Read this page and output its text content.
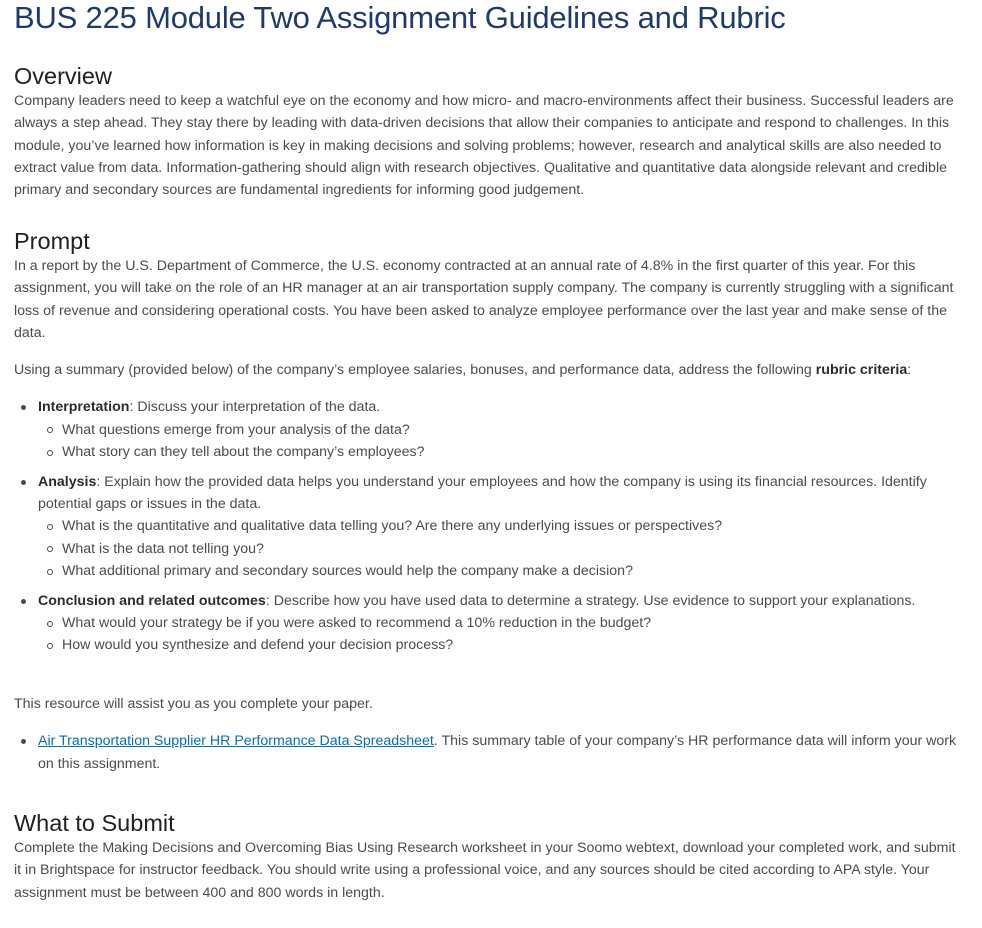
BUS 225 Module Two Assignment Guidelines and Rubric
Overview

Company leaders need to keep a watchful eye on the economy and how micro- and macro-environments affect their business. Successful leaders are always a step ahead. They stay there by leading with data-driven decisions that allow their companies to anticipate and respond to challenges. In this module, you’ve learned how information is key in making decisions and solving problems; however, research and analytical skills are also needed to extract value from data. Information-gathering should align with research objectives. Qualitative and quantitative data alongside relevant and credible primary and secondary sources are fundamental ingredients for informing good judgement.

Prompt

In a report by the U.S. Department of Commerce, the U.S. economy contracted at an annual rate of 4.8% in the first quarter of this year. For this assignment, you will take on the role of an HR manager at an air transportation supply company. The company is currently struggling with a significant loss of revenue and considering operational costs. You have been asked to analyze employee performance over the last year and make sense of the data.

Using a summary (provided below) of the company’s employee salaries, bonuses, and performance data, address the following rubric criteria:

Interpretation: Discuss your interpretation of the data.
What questions emerge from your analysis of the data?
What story can they tell about the company’s employees?
Analysis: Explain how the provided data helps you understand your employees and how the company is using its financial resources. Identify potential gaps or issues in the data.
What is the quantitative and qualitative data telling you? Are there any underlying issues or perspectives?
What is the data not telling you?
What additional primary and secondary sources would help the company make a decision?
Conclusion and related outcomes: Describe how you have used data to determine a strategy. Use evidence to support your explanations.
What would your strategy be if you were asked to recommend a 10% reduction in the budget?
How would you synthesize and defend your decision process?

This resource will assist you as you complete your paper.

Air Transportation Supplier HR Performance Data Spreadsheet. This summary table of your company’s HR performance data will inform your work on this assignment.
What to Submit

Complete the Making Decisions and Overcoming Bias Using Research worksheet in your Soomo webtext, download your completed work, and submit it in Brightspace for instructor feedback. You should write using a professional voice, and any sources should be cited according to APA style. Your assignment must be between 400 and 800 words in length.
